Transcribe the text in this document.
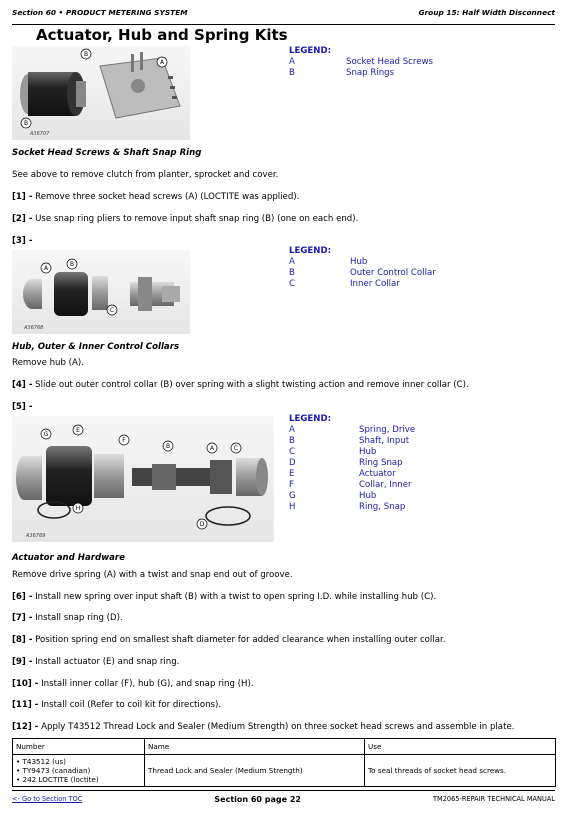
Section 60 • PRODUCT METERING SYSTEM	Group 15: Half Width Disconnect
Actuator, Hub and Spring Kits
B
A
B
A36707
LEGEND:
A	Socket Head Screws
B	Snap Rings
Socket Head Screws & Shaft Snap Ring
See above to remove clutch from planter, sprocket and cover.
[1] - Remove three socket head screws (A) (LOCTITE was applied).
[2] - Use snap ring pliers to remove input shaft snap ring (B) (one on each end).
[3] -
A
B
C
A36768
LEGEND:
A	Hub
B	Outer Control Collar
C	Inner Collar
Hub, Outer & Inner Control Collars
Remove hub (A).
[4] - Slide out outer control collar (B) over spring with a slight twisting action and remove inner collar (C).
[5] -
G
E
F
B	A	C
H
D
A36769
LEGEND:
A	Spring, Drive
B	Shaft, Input
C	Hub
D	Ring Snap
E	Actuator
F	Collar, Inner
G	Hub
H	Ring, Snap
Actuator and Hardware
Remove drive spring (A) with a twist and snap end out of groove.
[6] - Install new spring over input shaft (B) with a twist to open spring I.D. while installing hub (C).
[7] - Install snap ring (D).
[8] - Position spring end on smallest shaft diameter for added clearance when installing outer collar.
[9] - Install actuator (E) and snap ring.
[10] - Install inner collar (F), hub (G), and snap ring (H).
[11] - Install coil (Refer to coil kit for directions).
[12] - Apply T43512 Thread Lock and Sealer (Medium Strength) on three socket head screws and assemble in plate.
Number	Name	Use

• T43512 (us)
• TY9473 (canadian)
• 242 LOCTITE (loctite)	Thread Lock and Sealer (Medium Strength)	To seal threads of socket head screws.
<- Go to Section TOC	Section 60 page 22	TM2065-REPAIR TECHNICAL MANUAL
